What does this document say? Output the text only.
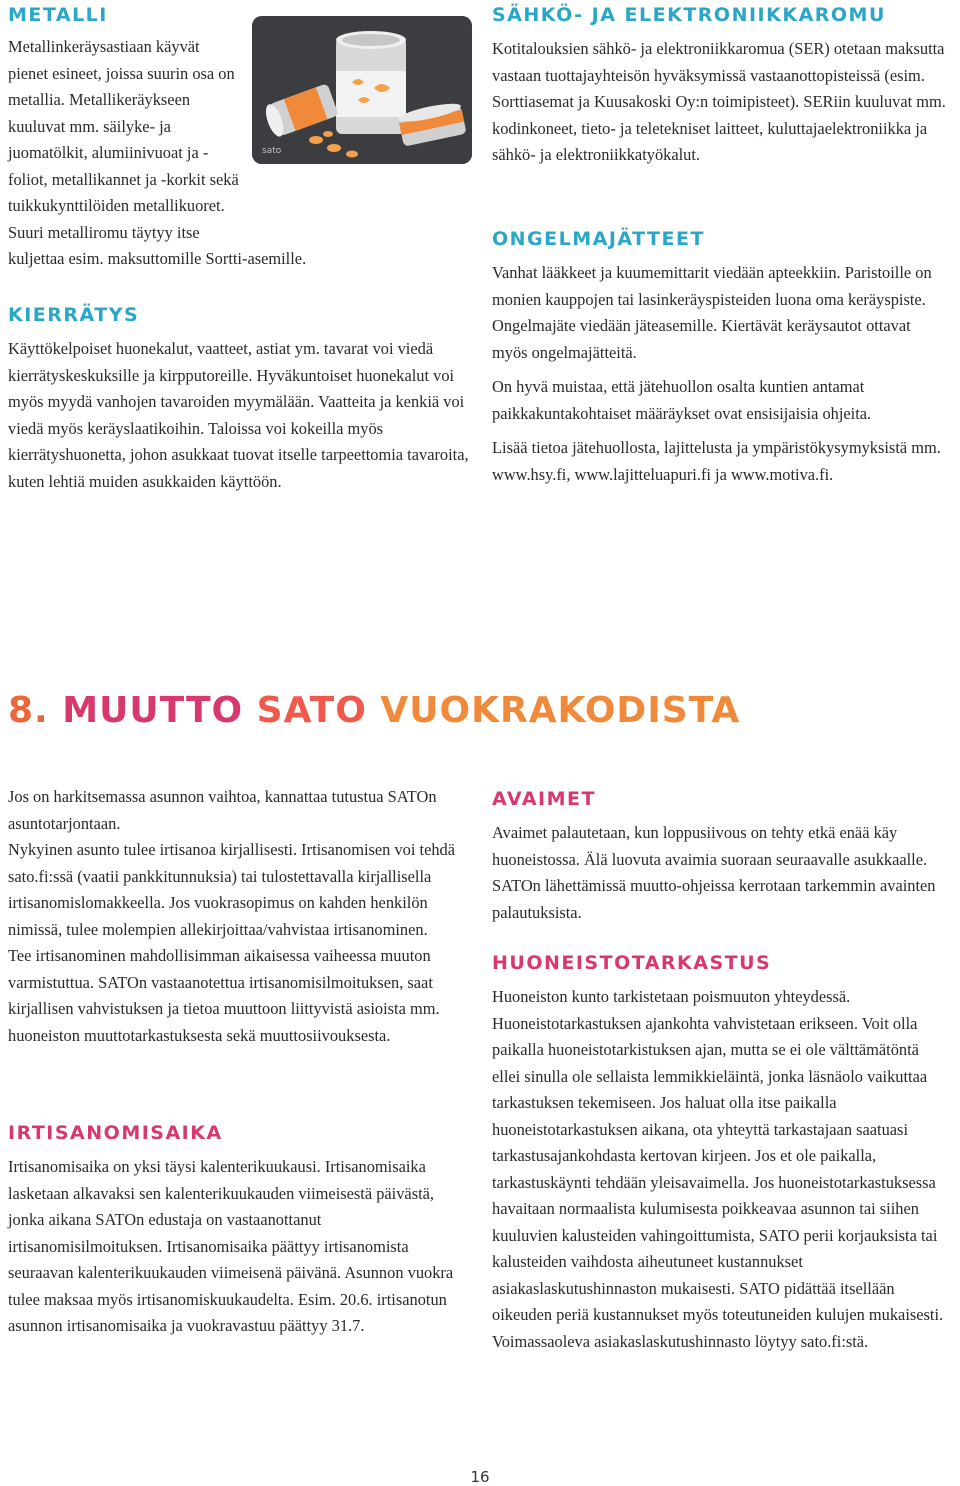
METALLI
sato

Metallinkeräysastiaan käyvät pienet esineet, joissa suurin osa on metallia. Metallikeräykseen kuuluvat mm. säilyke- ja juomatölkit, alumiinivuoat ja -foliot, metallikannet ja -korkit sekä tuikkukynttilöiden metallikuoret. Suuri metalliromu täytyy itse kuljettaa esim. maksuttomille Sortti-asemille.

KIERRÄTYS

Käyttökelpoiset huonekalut, vaatteet, astiat ym. tavarat voi viedä kierrätyskeskuksille ja kirpputoreille. Hyväkuntoiset huonekalut voi myös myydä vanhojen tavaroiden myymälään. Vaatteita ja kenkiä voi viedä myös keräyslaatikoihin. Taloissa voi kokeilla myös kierrätyshuonetta, johon asukkaat tuovat itselle tarpeettomia tavaroita, kuten lehtiä muiden asukkaiden käyttöön.

SÄHKÖ- JA ELEKTRONIIKKAROMU

Kotitalouksien sähkö- ja elektroniikkaromua (SER) otetaan maksutta vastaan tuottajayhteisön hyväksymissä vastaanottopisteissä (esim. Sorttiasemat ja Kuusakoski Oy:n toimipisteet). SERiin kuuluvat mm. kodinkoneet, tieto- ja teletekniset laitteet, kuluttajaelektroniikka ja sähkö- ja elektroniikkatyökalut.

ONGELMAJÄTTEET

Vanhat lääkkeet ja kuumemittarit viedään apteekkiin. Paristoille on monien kauppojen tai lasinkeräyspisteiden luona oma keräyspiste. Ongelmajäte viedään jäteasemille. Kiertävät keräysautot ottavat myös ongelmajätteitä.

On hyvä muistaa, että jätehuollon osalta kuntien antamat paikkakuntakohtaiset määräykset ovat ensisijaisia ohjeita.

Lisää tietoa jätehuollosta, lajittelusta ja ympäristökysymyksistä mm. www.hsy.fi, www.lajitteluapuri.fi ja www.motiva.fi.

8. MUUTTO SATO VUOKRAKODISTA

Jos on harkitsemassa asunnon vaihtoa, kannattaa tutustua SATOn asuntotarjontaan.

Nykyinen asunto tulee irtisanoa kirjallisesti. Irtisanomisen voi tehdä sato.fi:ssä (vaatii pankkitunnuksia) tai tulostettavalla kirjallisella irtisanomislomakkeella. Jos vuokrasopimus on kahden henkilön nimissä, tulee molempien allekirjoittaa/vahvistaa irtisanominen.

Tee irtisanominen mahdollisimman aikaisessa vaiheessa muuton varmistuttua. SATOn vastaanotettua irtisanomisilmoituksen, saat kirjallisen vahvistuksen ja tietoa muuttoon liittyvistä asioista mm. huoneiston muuttotarkastuksesta sekä muuttosiivouksesta.

IRTISANOMISAIKA

Irtisanomisaika on yksi täysi kalenterikuukausi. Irtisanomisaika lasketaan alkavaksi sen kalenterikuukauden viimeisestä päivästä, jonka aikana SATOn edustaja on vastaanottanut irtisanomisilmoituksen. Irtisanomisaika päättyy irtisanomista seuraavan kalenterikuukauden viimeisenä päivänä. Asunnon vuokra tulee maksaa myös irtisanomiskuukaudelta. Esim. 20.6. irtisanotun asunnon irtisanomisaika ja vuokravastuu päättyy 31.7.

AVAIMET

Avaimet palautetaan, kun loppusiivous on tehty etkä enää käy huoneistossa. Älä luovuta avaimia suoraan seuraavalle asukkaalle. SATOn lähettämissä muutto-ohjeissa kerrotaan tarkemmin avainten palautuksista.

HUONEISTOTARKASTUS

Huoneiston kunto tarkistetaan poismuuton yhteydessä. Huoneistotarkastuksen ajankohta vahvistetaan erikseen. Voit olla paikalla huoneistotarkistuksen ajan, mutta se ei ole välttämätöntä ellei sinulla ole sellaista lemmikkieläintä, jonka läsnäolo vaikuttaa tarkastuksen tekemiseen. Jos haluat olla itse paikalla huoneistotarkastuksen aikana, ota yhteyttä tarkastajaan saatuasi tarkastusajankohdasta kertovan kirjeen. Jos et ole paikalla, tarkastuskäynti tehdään yleisavaimella. Jos huoneistotarkastuksessa havaitaan normaalista kulumisesta poikkeavaa asunnon tai siihen kuuluvien kalusteiden vahingoittumista, SATO perii korjauksista tai kalusteiden vaihdosta aiheutuneet kustannukset asiakaslaskutushinnaston mukaisesti. SATO pidättää itsellään oikeuden periä kustannukset myös toteutuneiden kulujen mukaisesti. Voimassaoleva asiakaslaskutushinnasto löytyy sato.fi:stä.

16
